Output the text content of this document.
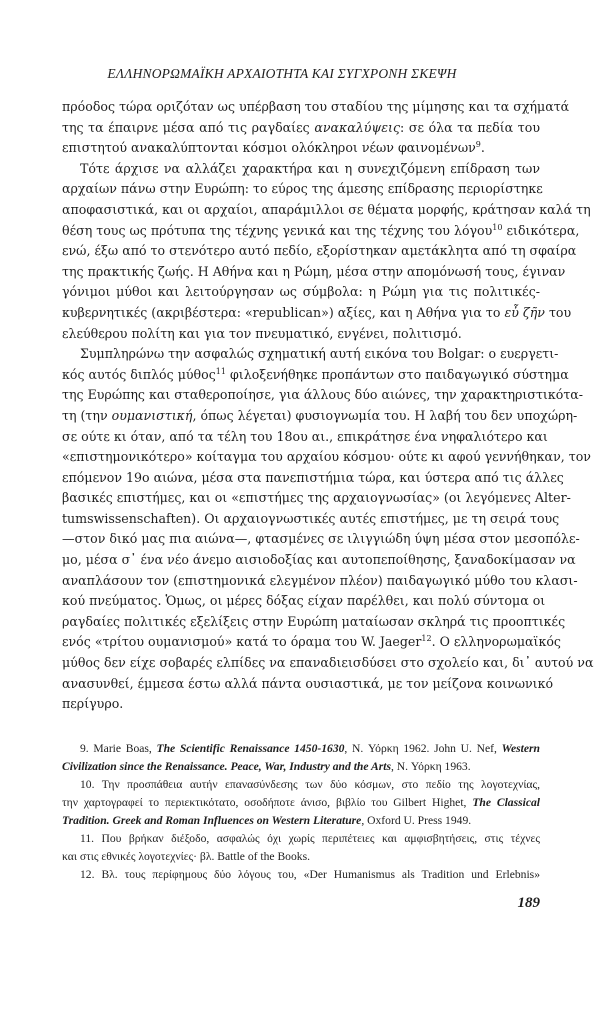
ΕΛΛΗΝΟΡΩΜΑΪΚΗ ΑΡΧΑΙΟΤΗΤΑ ΚΑΙ ΣΥΓΧΡΟΝΗ ΣΚΕΨΗ
πρόοδος τώρα οριζόταν ως υπέρβαση του σταδίου της μίμησης και τα σχήματά
της τα έπαιρνε μέσα από τις ραγδαίες ανακαλύψεις: σε όλα τα πεδία του
επιστητού ανακαλύπτονται κόσμοι ολόκληροι νέων φαινομένων$^9$.
Τότε άρχισε να αλλάζει χαρακτήρα και η συνεχιζόμενη επίδραση των
αρχαίων πάνω στην Ευρώπη: το εύρος της άμεσης επίδρασης περιορίστηκε
αποφασιστικά, και οι αρχαίοι, απαράμιλλοι σε θέματα μορφής, κράτησαν καλά τη
θέση τους ως πρότυπα της τέχνης γενικά και της τέχνης του λόγου$^{10}$ ειδικότερα,
ενώ, έξω από το στενότερο αυτό πεδίο, εξορίστηκαν αμετάκλητα από τη σφαίρα
της πρακτικής ζωής. Η Αθήνα και η Ρώμη, μέσα στην απομόνωσή τους, έγιναν
γόνιμοι μύθοι και λειτούργησαν ως σύμβολα: η Ρώμη για τις πολιτικές-
κυβερνητικές (ακριβέστερα: «republican») αξίες, και η Αθήνα για το εὖ ζῆν του
ελεύθερου πολίτη και για τον πνευματικό, ενγένει, πολιτισμό.
Συμπληρώνω την ασφαλώς σχηματική αυτή εικόνα του Bolgar: ο ευεργετι-
κός αυτός διπλός μύθος$^{11}$ φιλοξενήθηκε προπάντων στο παιδαγωγικό σύστημα
της Ευρώπης και σταθεροποίησε, για άλλους δύο αιώνες, την χαρακτηριστικότα-
τη (την ουμανιστική, όπως λέγεται) φυσιογνωμία του. Η λαβή του δεν υποχώρη-
σε ούτε κι όταν, από τα τέλη του 18ου αι., επικράτησε ένα νηφαλιότερο και
«επιστημονικότερο» κοίταγμα του αρχαίου κόσμου· ούτε κι αφού γεννήθηκαν, τον
επόμενον 19ο αιώνα, μέσα στα πανεπιστήμια τώρα, και ύστερα από τις άλλες
βασικές επιστήμες, και οι «επιστήμες της αρχαιογνωσίας» (οι λεγόμενες Alter-
tumswissenschaften). Οι αρχαιογνωστικές αυτές επιστήμες, με τη σειρά τους
—στον δικό μας πια αιώνα—, φτασμένες σε ιλιγγιώδη ύψη μέσα στον μεσοπόλε-
μο, μέσα σ᾽ ένα νέο άνεμο αισιοδοξίας και αυτοπεποίθησης, ξαναδοκίμασαν να
αναπλάσουν τον (επιστημονικά ελεγμένον πλέον) παιδαγωγικό μύθο του κλασι-
κού πνεύματος. Ὁμως, οι μέρες δόξας είχαν παρέλθει, και πολύ σύντομα οι
ραγδαίες πολιτικές εξελίξεις στην Ευρώπη ματαίωσαν σκληρά τις προοπτικές
ενός «τρίτου ουμανισμού» κατά το όραμα του W. Jaeger$^{12}$. Ο ελληνορωμαϊκός
μύθος δεν είχε σοβαρές ελπίδες να επαναδιεισδύσει στο σχολείο και, δι᾽ αυτού να
ανασυνθεί, έμμεσα έστω αλλά πάντα ουσιαστικά, με τον μείζονα κοινωνικό
περίγυρο.
9. Marie Boas, The Scientific Renaissance 1450-1630, N. Υόρκη 1962. John U. Nef, Western
Civilization since the Renaissance. Peace, War, Industry and the Arts, N. Υόρκη 1963.
10. Την προσπάθεια αυτήν επανασύνδεσης των δύο κόσμων, στο πεδίο της λογοτεχνίας,
την χαρτογραφεί το περιεκτικότατο, οσοδήποτε άνισο, βιβλίο του Gilbert Highet, The Classical
Tradition. Greek and Roman Influences on Western Literature, Oxford U. Press 1949.
11. Που βρήκαν διέξοδο, ασφαλώς όχι χωρίς περιπέτειες και αμφισβητήσεις, στις τέχνες
και στις εθνικές λογοτεχνίες· βλ. Battle of the Books.
12. Βλ. τους περίφημους δύο λόγους του, «Der Humanismus als Tradition und Erlebnis»
189
